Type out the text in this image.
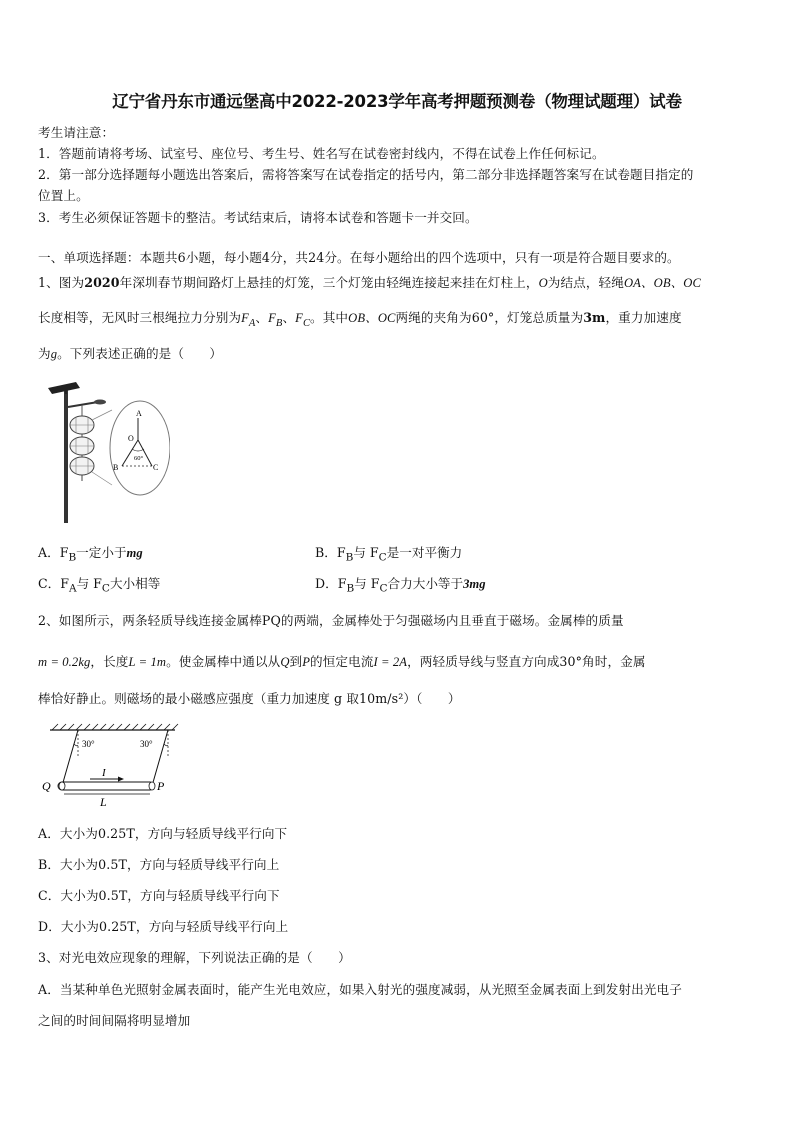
辽宁省丹东市通远堡高中2022-2023学年高考押题预测卷（物理试题理）试卷
考生请注意：
1．答题前请将考场、试室号、座位号、考生号、姓名写在试卷密封线内，不得在试卷上作任何标记。
2．第一部分选择题每小题选出答案后，需将答案写在试卷指定的括号内，第二部分非选择题答案写在试卷题目指定的
位置上。
3．考生必须保证答题卡的整洁。考试结束后，请将本试卷和答题卡一并交回。
一、单项选择题：本题共6小题，每小题4分，共24分。在每小题给出的四个选项中，只有一项是符合题目要求的。
1、图为2020年深圳春节期间路灯上悬挂的灯笼，三个灯笼由轻绳连接起来挂在灯柱上，O为结点，轻绳OA、OB、OC
长度相等，无风时三根绳拉力分别为$F_A$、$F_B$、$F_C$。其中OB、OC两绳的夹角为60°，灯笼总质量为3m，重力加速度
为g。下列表述正确的是（　　）
A
O
60°
B	C
A．$F_B$一定小于mg	B．$F_B$与 $F_C$是一对平衡力
C．$F_A$与 $F_C$大小相等	D．$F_B$与 $F_C$合力大小等于3mg
2、如图所示，两条轻质导线连接金属棒PQ的两端，金属棒处于匀强磁场内且垂直于磁场。金属棒的质量
m = 0.2kg，长度L = 1m。使金属棒中通以从Q到P的恒定电流I = 2A，两轻质导线与竖直方向成30°角时，金属
棒恰好静止。则磁场的最小磁感应强度（重力加速度 g 取10m/s²）（　　）
30°	30°
I
Q	P
L
A．大小为0.25T，方向与轻质导线平行向下
B．大小为0.5T，方向与轻质导线平行向上
C．大小为0.5T，方向与轻质导线平行向下
D．大小为0.25T，方向与轻质导线平行向上
3、对光电效应现象的理解，下列说法正确的是（　　）
A．当某种单色光照射金属表面时，能产生光电效应，如果入射光的强度减弱，从光照至金属表面上到发射出光电子
之间的时间间隔将明显增加
